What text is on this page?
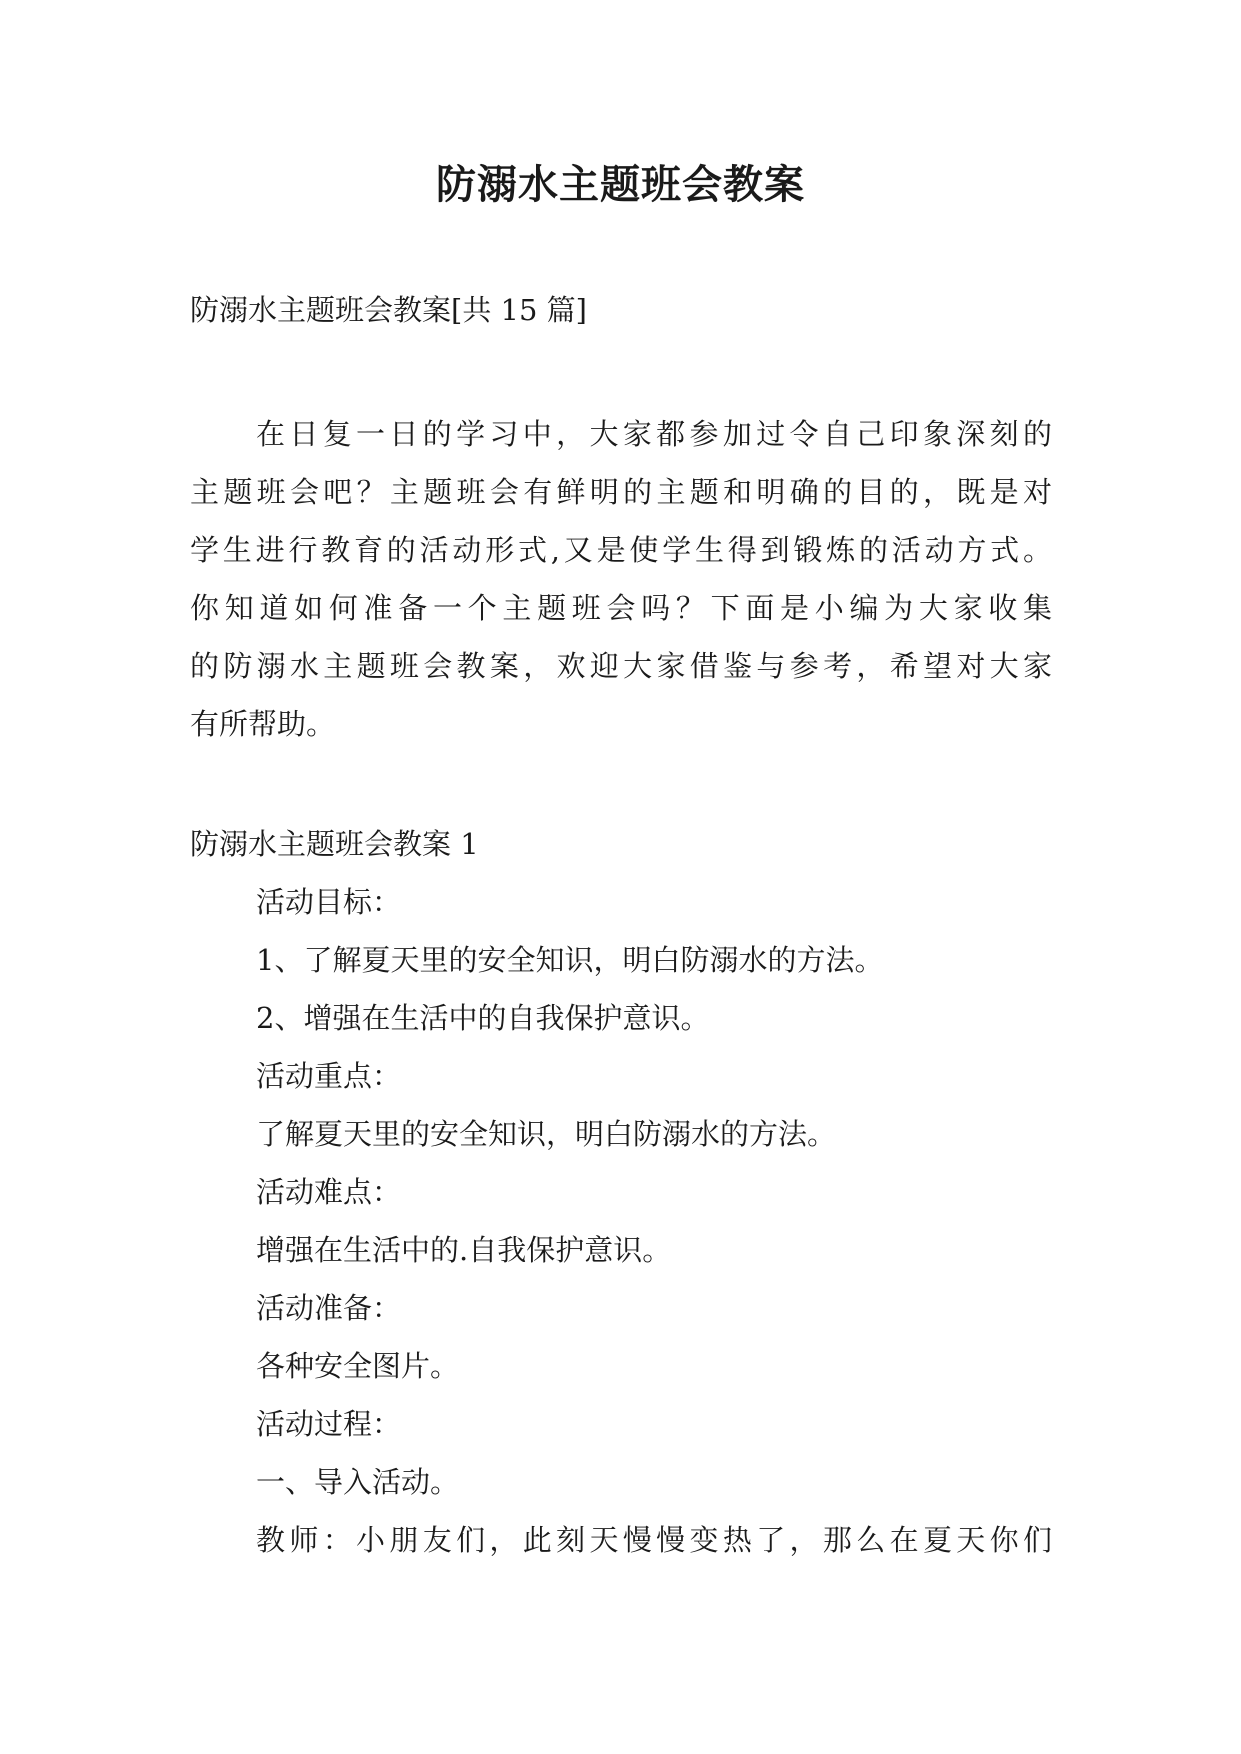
防溺水主题班会教案
防溺水主题班会教案[共 15 篇]
在日复一日的学习中，大家都参加过令自己印象深刻的
主题班会吧？主题班会有鲜明的主题和明确的目的，既是对
学生进行教育的活动形式,又是使学生得到锻炼的活动方式。
你知道如何准备一个主题班会吗？下面是小编为大家收集
的防溺水主题班会教案，欢迎大家借鉴与参考，希望对大家
有所帮助。
防溺水主题班会教案 1
活动目标：
1、了解夏天里的安全知识，明白防溺水的方法。
2、增强在生活中的自我保护意识。
活动重点：
了解夏天里的安全知识，明白防溺水的方法。
活动难点：
增强在生活中的.自我保护意识。
活动准备：
各种安全图片。
活动过程：
一、导入活动。
教师：小朋友们，此刻天慢慢变热了，那么在夏天你们
